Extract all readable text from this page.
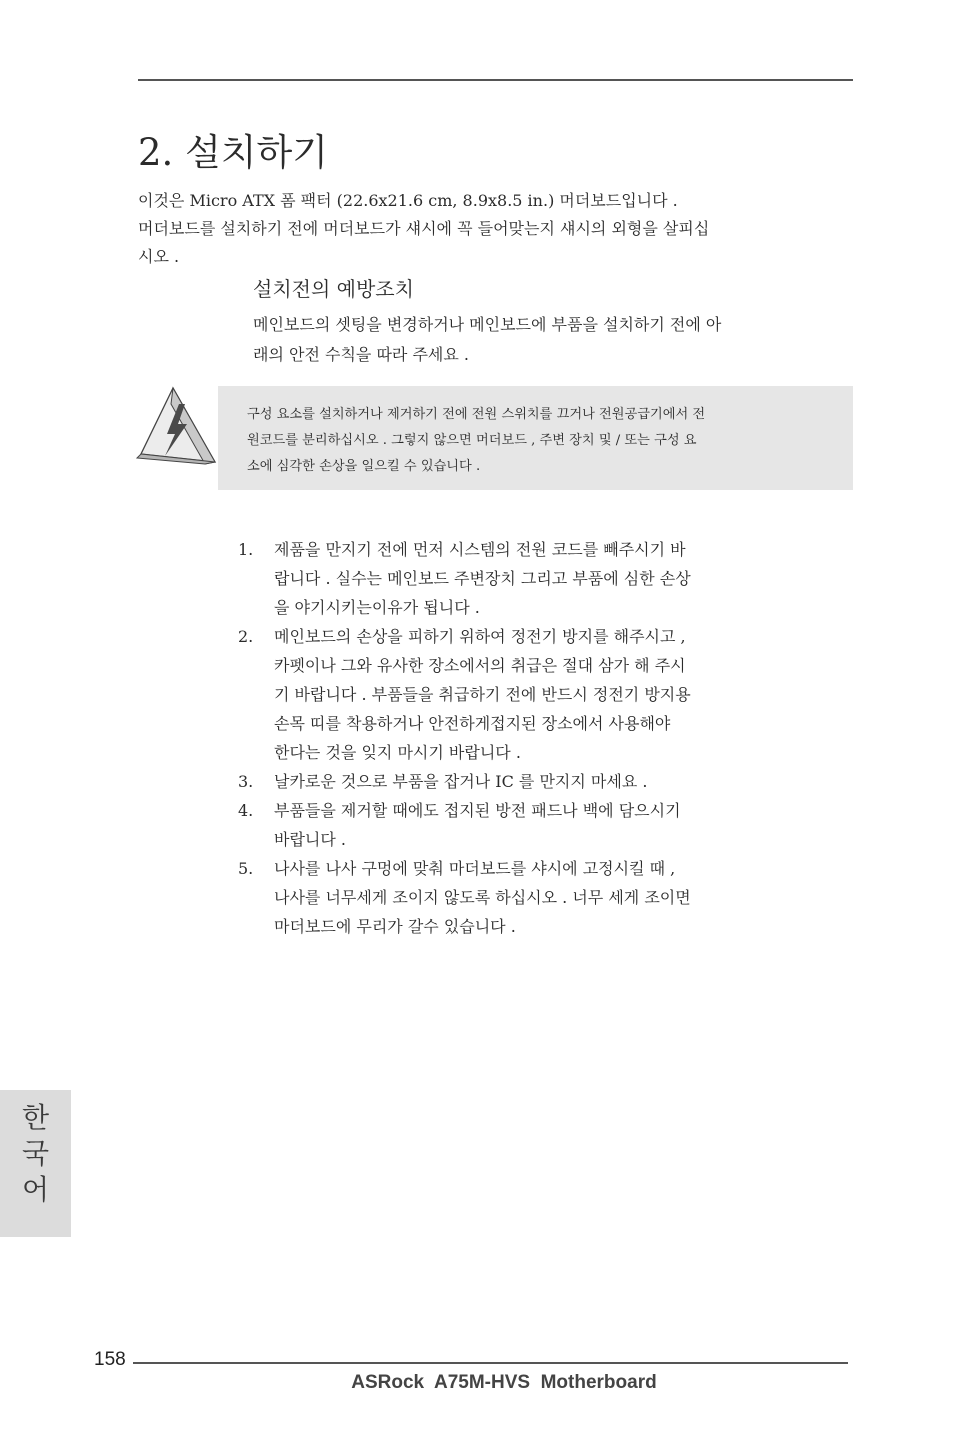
2. 설치하기

이것은 Micro ATX 폼 팩터 (22.6x21.6 cm, 8.9x8.5 in.) 머더보드입니다 .

머더보드를 설치하기 전에 머더보드가 섀시에 꼭 들어맞는지 섀시의 외형을 살피십

시오 .

설치전의 예방조치

메인보드의 셋팅을 변경하거나 메인보드에 부품을 설치하기 전에 아

래의 안전 수칙을 따라 주세요 .

구성 요소를 설치하거나 제거하기 전에 전원 스위치를 끄거나 전원공급기에서 전

원코드를 분리하십시오 . 그렇지 않으면 머더보드 , 주변 장치 및 / 또는 구성 요

소에 심각한 손상을 일으킬 수 있습니다 .

1. 제품을 만지기 전에 먼저 시스템의 전원 코드를 빼주시기 바

랍니다 . 실수는 메인보드 주변장치 그리고 부품에 심한 손상

을 야기시키는이유가 됩니다 .

2. 메인보드의 손상을 피하기 위하여 정전기 방지를 해주시고 ,

카펫이나 그와 유사한 장소에서의 취급은 절대 삼가 해 주시

기 바랍니다 . 부품들을 취급하기 전에 반드시 정전기 방지용

손목 띠를 착용하거나 안전하게접지된 장소에서 사용해야

한다는 것을 잊지 마시기 바랍니다 .

3. 날카로운 것으로 부품을 잡거나 IC 를 만지지 마세요 .

4. 부품들을 제거할 때에도 접지된 방전 패드나 백에 담으시기

바랍니다 .

5. 나사를 나사 구멍에 맞춰 마더보드를 샤시에 고정시킬 때 ,

나사를 너무세게 조이지 않도록 하십시오 . 너무 세게 조이면

마더보드에 무리가 갈수 있습니다 .

한
국
어
158
ASRock  A75M-HVS  Motherboard
